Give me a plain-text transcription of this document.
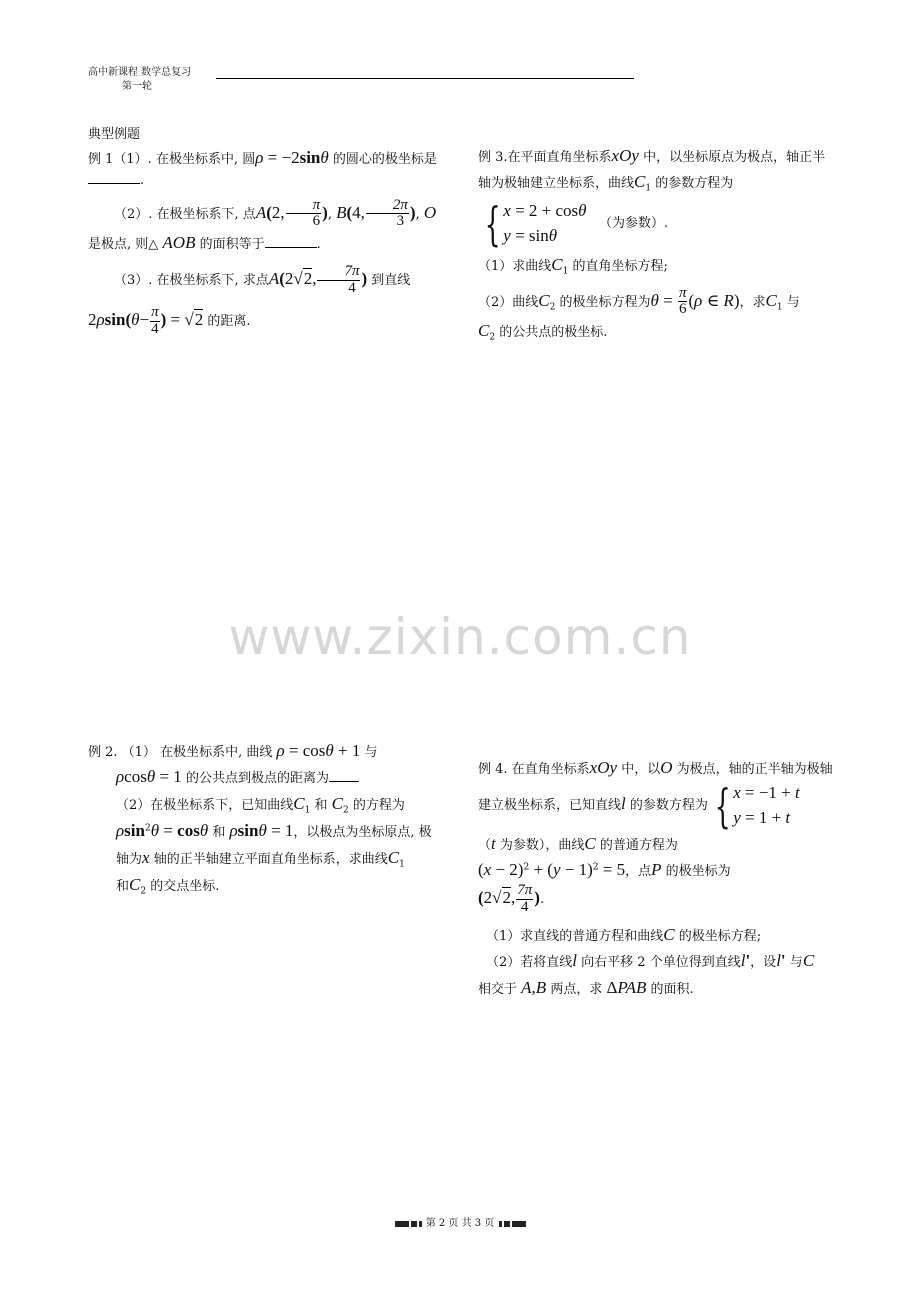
高中新课程 数学总复习
第一轮

典型例题

例 1（1）. 在极坐标系中, 圆ρ = −2sinθ 的圆心的极坐标是.

（2）. 在极坐标系下, 点A(2, $\frac{\pi}{6}$ ), B(4, $\frac{2\pi}{3}$ ), O 是极点, 则△ AOB 的面积等于	.

（3）. 在极坐标系下, 求点A(2√2, $\frac{7\pi}{4}$ ) 到直线

$2\rho\sin(\theta- \frac{\pi}{4}$ ) = √2 的距离.

例 3.在平面直角坐标系xOy 中，以坐标原点为极点，轴正半轴为极轴建立坐标系，曲线$C_1$ 的参数方程为

{ x = 2 + cosθ
y = sinθ   （为参数）.

（1）求曲线$C_1$ 的直角坐标方程;

（2）曲线$C_2$ 的极坐标方程为$\theta = \frac{\pi}{6} (\rho$ ∈ R)，求$C_1$ 与
$C_2$ 的公共点的极坐标.

www.zixin.com.cn

例 2. （1） 在极坐标系中, 曲线 ρ = cosθ + 1 与

ρcosθ = 1 的公共点到极点的距离为

（2）在极坐标系下，已知曲线$C_1$ 和 $C_2$ 的方程为
ρsin$^2$θ = cosθ 和 ρsinθ = 1，以极点为坐标原点, 极轴为x 轴的正半轴建立平面直角坐标系，求曲线$C_1$
和$C_2$ 的交点坐标.

例 4. 在直角坐标系xOy 中，以O 为极点，轴的正半轴为极轴建立极坐标系，已知直线l 的参数方程为 { x = −1 + t
y = 1 + t

（t 为参数），曲线C 的普通方程为
$(x - 2)^2 + (y - 1)^2 = 5$，点P 的极坐标为
(2√2, $\frac{7\pi}{4}$ ).

（1）求直线的普通方程和曲线C 的极坐标方程;

（2）若将直线l 向右平移 2 个单位得到直线l'，设l' 与C

相交于 A,B 两点，求 ΔPAB 的面积.

第 2 页 共 3 页
